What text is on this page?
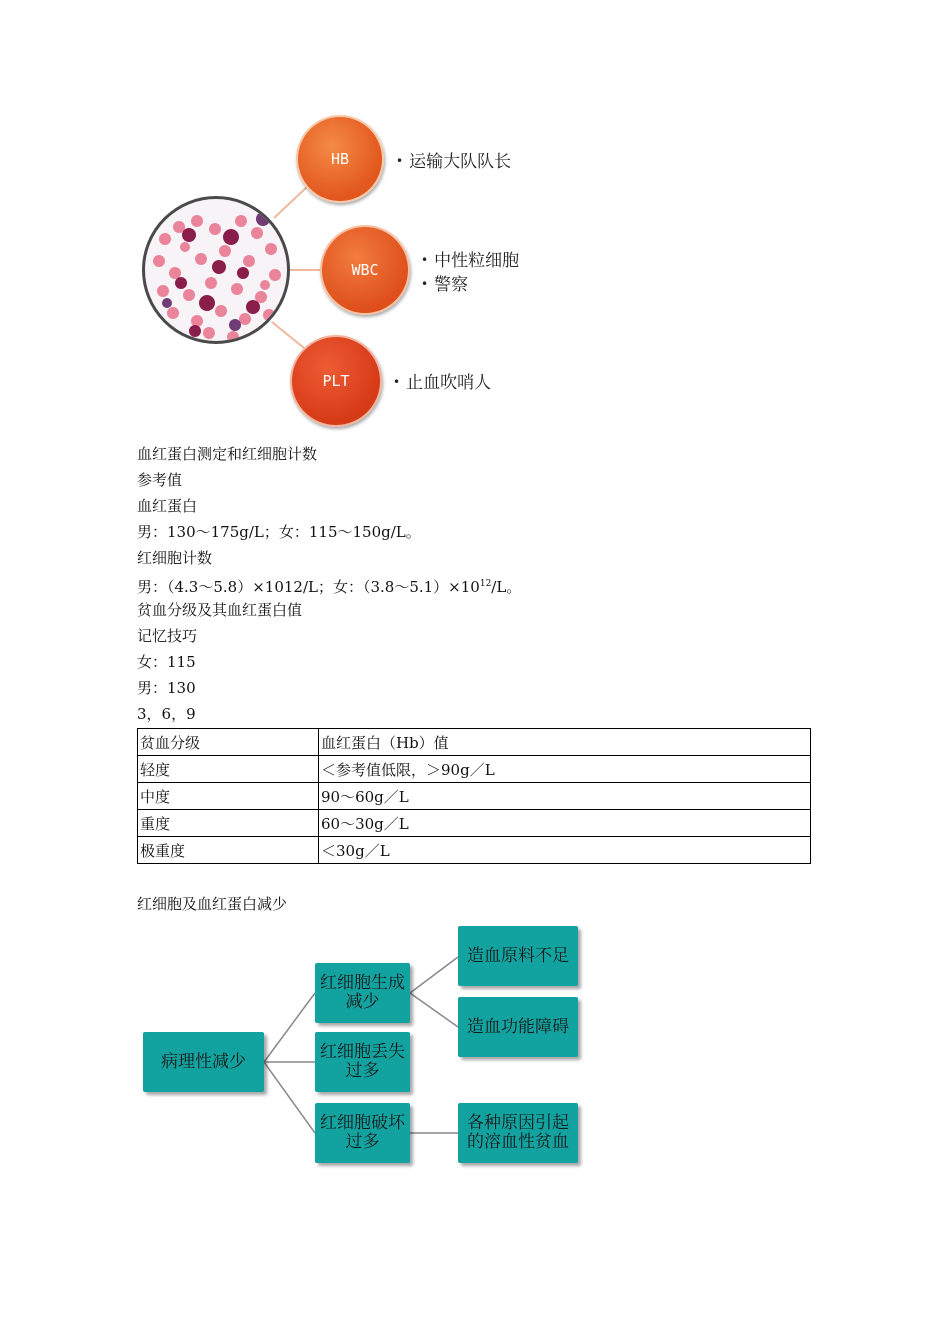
HB
WBC
PLT
• 运输大队队长
• 中性粒细胞
• 警察
• 止血吹哨人
血红蛋白测定和红细胞计数
参考值
血红蛋白
男：130～175g/L；女：115～150g/L。
红细胞计数
男：（4.3～5.8）×1012/L；女：$(3.8\sim 5.1)\times 10^{12}/L$。
贫血分级及其血红蛋白值
记忆技巧
女：115
男：130
3，6，9
贫血分级	血红蛋白（Hb）值
轻度	＜参考值低限，＞90g／L
中度	90～60g／L
重度	60～30g／L
极重度	＜30g／L
红细胞及血红蛋白减少
病理性减少
红细胞生成减少
红细胞丢失过多
红细胞破坏过多
造血原料不足
造血功能障碍
各种原因引起的溶血性贫血
